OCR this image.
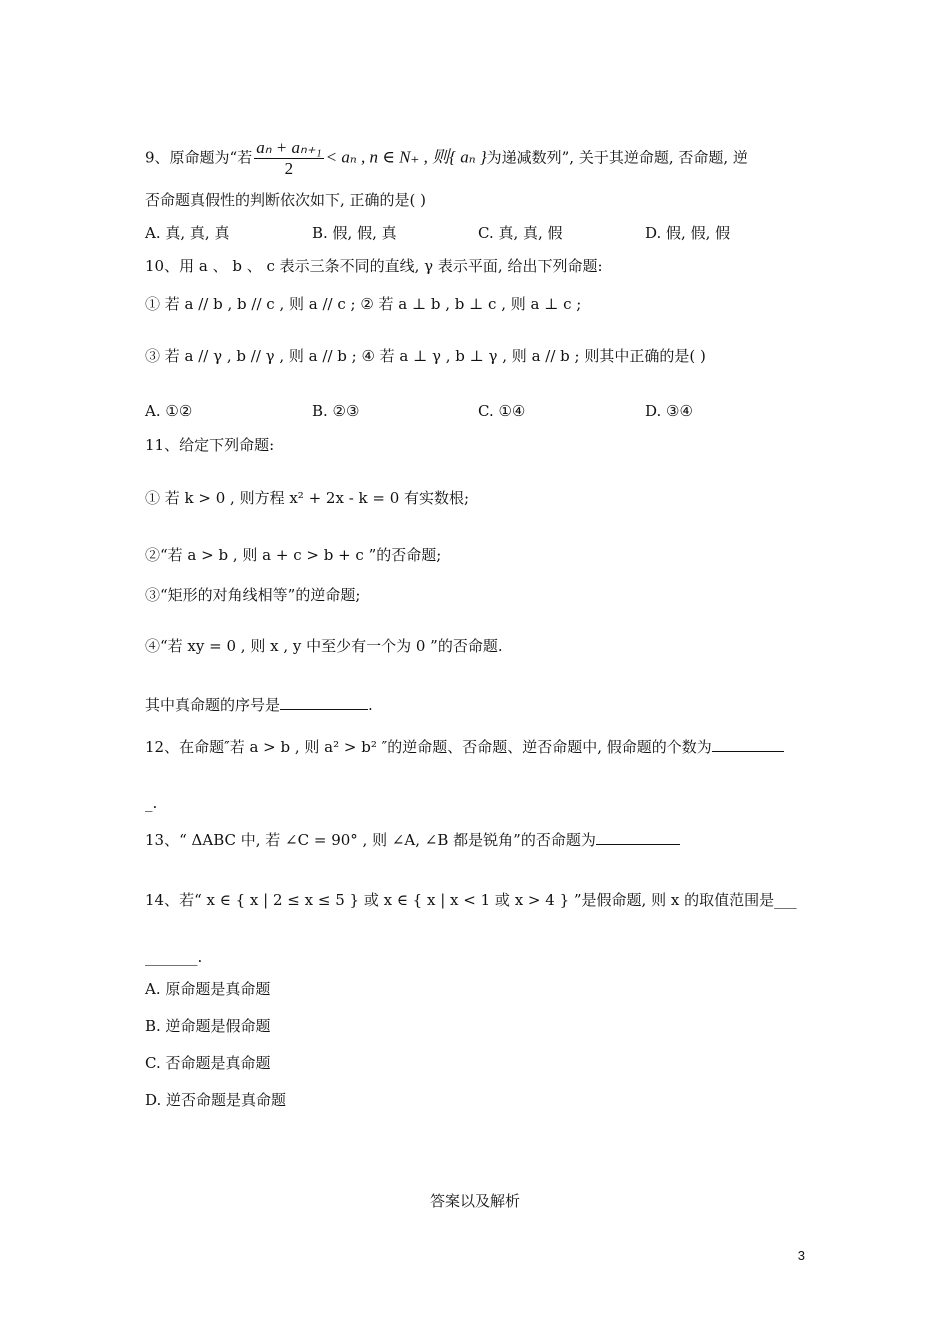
9、原命题为“若 $\frac{\text{aₙ + aₙ₊₁}}{2} < a_n$ , n ∈ N₊ , 则{ aₙ }为递减数列”, 关于其逆命题, 否命题, 逆
否命题真假性的判断依次如下, 正确的是( )
A. 真, 真, 真	B. 假, 假, 真	C. 真, 真, 假	D. 假, 假, 假
10、用 a 、 b 、 c 表示三条不同的直线, γ 表示平面, 给出下列命题:
① 若 a // b , b // c , 则 a // c ; ② 若 a ⊥ b , b ⊥ c , 则 a ⊥ c ;
③ 若 a // γ , b // γ , 则 a // b ; ④ 若 a ⊥ γ , b ⊥ γ , 则 a // b ; 则其中正确的是( )
A. ①②	B. ②③	C. ①④	D. ③④
11、给定下列命题:
① 若 k > 0 , 则方程 x² + 2x - k = 0 有实数根;
②“若 a > b , 则 a + c > b + c ”的否命题;
③“矩形的对角线相等”的逆命题;
④“若 xy = 0 , 则 x , y 中至少有一个为 0 ”的否命题.
其中真命题的序号是	.
12、在命题″若 a > b , 则 a² > b² ″的逆命题、否命题、逆否命题中, 假命题的个数为
_.
13、“ ΔABC 中, 若 ∠C = 90° , 则 ∠A, ∠B 都是锐角”的否命题为
14、若“ x ∈ { x | 2 ≤ x ≤ 5 } 或 x ∈ { x | x < 1 或 x > 4 } ”是假命题, 则 x 的取值范围是___
_______.
A. 原命题是真命题
B. 逆命题是假命题
C. 否命题是真命题
D. 逆否命题是真命题
答案以及解析
3
